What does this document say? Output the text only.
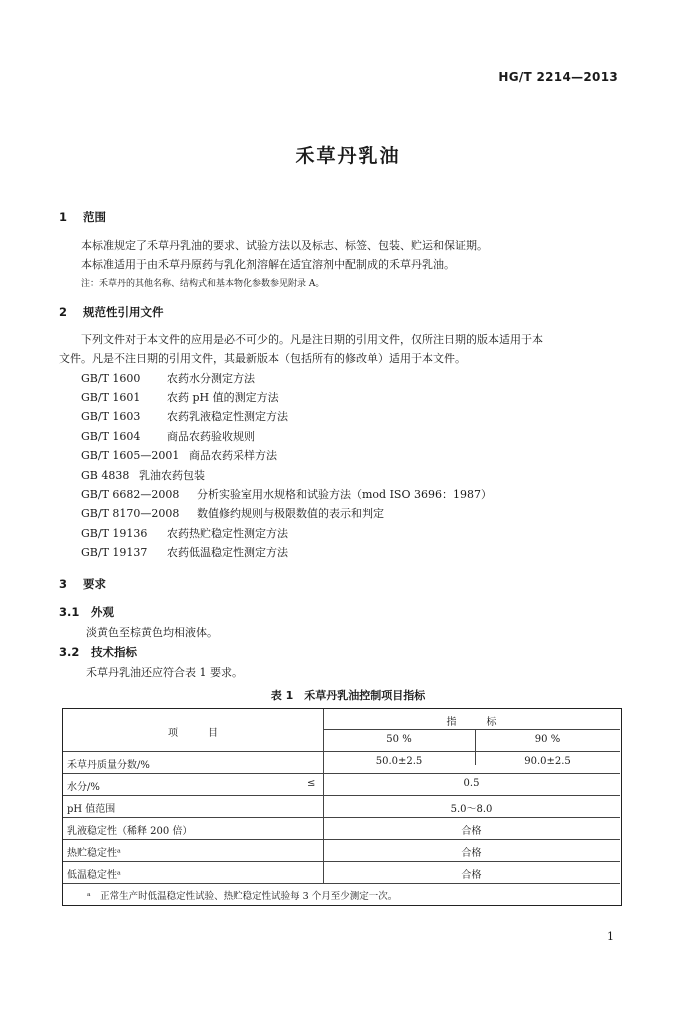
HG/T 2214—2013
禾草丹乳油
1 范围
本标准规定了禾草丹乳油的要求、试验方法以及标志、标签、包装、贮运和保证期。
本标准适用于由禾草丹原药与乳化剂溶解在适宜溶剂中配制成的禾草丹乳油。
注：禾草丹的其他名称、结构式和基本物化参数参见附录 A。
2 规范性引用文件
下列文件对于本文件的应用是必不可少的。凡是注日期的引用文件，仅所注日期的版本适用于本
文件。凡是不注日期的引用文件，其最新版本（包括所有的修改单）适用于本文件。
GB/T 1600 农药水分测定方法
GB/T 1601 农药 pH 值的测定方法
GB/T 1603 农药乳液稳定性测定方法
GB/T 1604 商品农药验收规则
GB/T 1605—2001 商品农药采样方法
GB 4838 乳油农药包装
GB/T 6682—2008 分析实验室用水规格和试验方法（mod ISO 3696：1987）
GB/T 8170—2008 数值修约规则与极限数值的表示和判定
GB/T 19136 农药热贮稳定性测定方法
GB/T 19137 农药低温稳定性测定方法
3 要求
3.1 外观
淡黄色至棕黄色均相液体。
3.2 技术指标
禾草丹乳油还应符合表 1 要求。
表 1　禾草丹乳油控制项目指标
项　　　目
指　　　标
50 %	90 %
禾草丹质量分数/%	50.0±2.5	90.0±2.5
水分/%	≤	0.5
pH 值范围	5.0～8.0
乳液稳定性（稀释 200 倍）	合格
热贮稳定性ᵃ	合格
低温稳定性ᵃ	合格
ᵃ　正常生产时低温稳定性试验、热贮稳定性试验每 3 个月至少测定一次。
1
